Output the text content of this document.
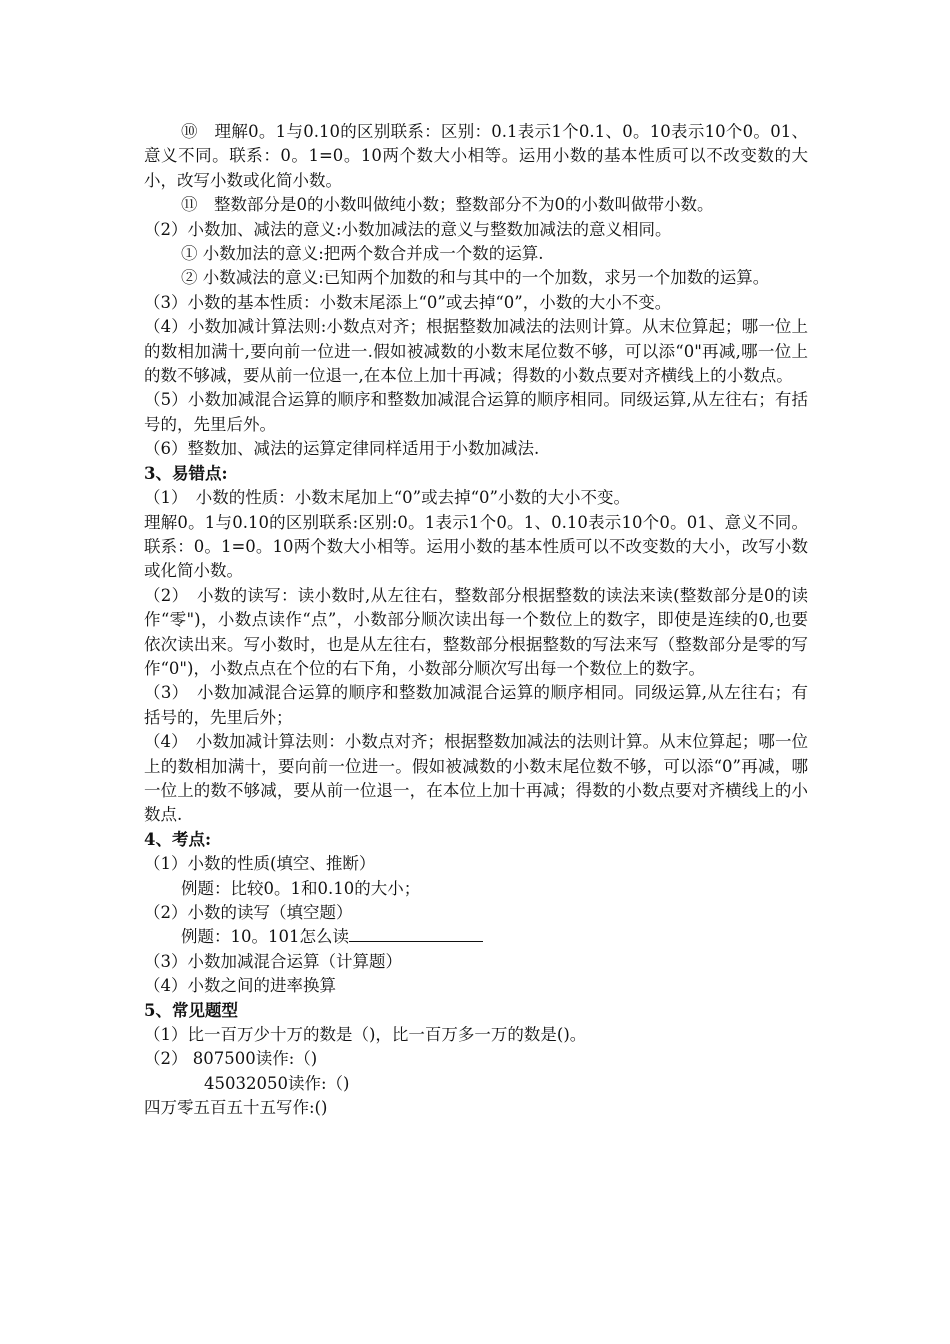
⑩　理解0。1与0.10的区别联系：区别：0.1表示1个0.1、0。10表示10个0。01、意义不同。联系：0。1=0。10两个数大小相等。运用小数的基本性质可以不改变数的大小，改写小数或化简小数。

⑪　整数部分是0的小数叫做纯小数；整数部分不为0的小数叫做带小数。

（2）小数加、减法的意义:小数加减法的意义与整数加减法的意义相同。

① 小数加法的意义:把两个数合并成一个数的运算.

② 小数减法的意义:已知两个加数的和与其中的一个加数，求另一个加数的运算。

（3）小数的基本性质：小数末尾添上“0”或去掉“0”，小数的大小不变。

（4）小数加减计算法则:小数点对齐；根据整数加减法的法则计算。从末位算起；哪一位上的数相加满十,要向前一位进一.假如被减数的小数末尾位数不够，可以添“0"再减,哪一位上的数不够减，要从前一位退一,在本位上加十再减；得数的小数点要对齐横线上的小数点。

（5）小数加减混合运算的顺序和整数加减混合运算的顺序相同。同级运算,从左往右；有括号的，先里后外。

（6）整数加、减法的运算定律同样适用于小数加减法.

3、易错点:

（1）　小数的性质：小数末尾加上“0”或去掉“0”小数的大小不变。

理解0。1与0.10的区别联系:区别:0。1表示1个0。1、0.10表示10个0。01、意义不同。联系：0。1=0。10两个数大小相等。运用小数的基本性质可以不改变数的大小，改写小数或化简小数。

（2）　小数的读写：读小数时,从左往右，整数部分根据整数的读法来读(整数部分是0的读作“零")，小数点读作“点”，小数部分顺次读出每一个数位上的数字，即使是连续的0,也要依次读出来。写小数时，也是从左往右，整数部分根据整数的写法来写（整数部分是零的写作“0")，小数点点在个位的右下角，小数部分顺次写出每一个数位上的数字。

（3）　小数加减混合运算的顺序和整数加减混合运算的顺序相同。同级运算,从左往右；有括号的，先里后外；

（4）　小数加减计算法则：小数点对齐；根据整数加减法的法则计算。从末位算起；哪一位上的数相加满十，要向前一位进一。假如被减数的小数末尾位数不够，可以添“0”再减，哪一位上的数不够减，要从前一位退一，在本位上加十再减；得数的小数点要对齐横线上的小数点.

4、考点:

（1）小数的性质(填空、推断）

例题：比较0。1和0.10的大小；

（2）小数的读写（填空题）

例题：10。101怎么读

（3）小数加减混合运算（计算题）

（4）小数之间的进率换算

5、常见题型

（1）比一百万少十万的数是（)，比一百万多一万的数是()。

（2） 807500读作:（)

45032050读作:（)

四万零五百五十五写作:()
